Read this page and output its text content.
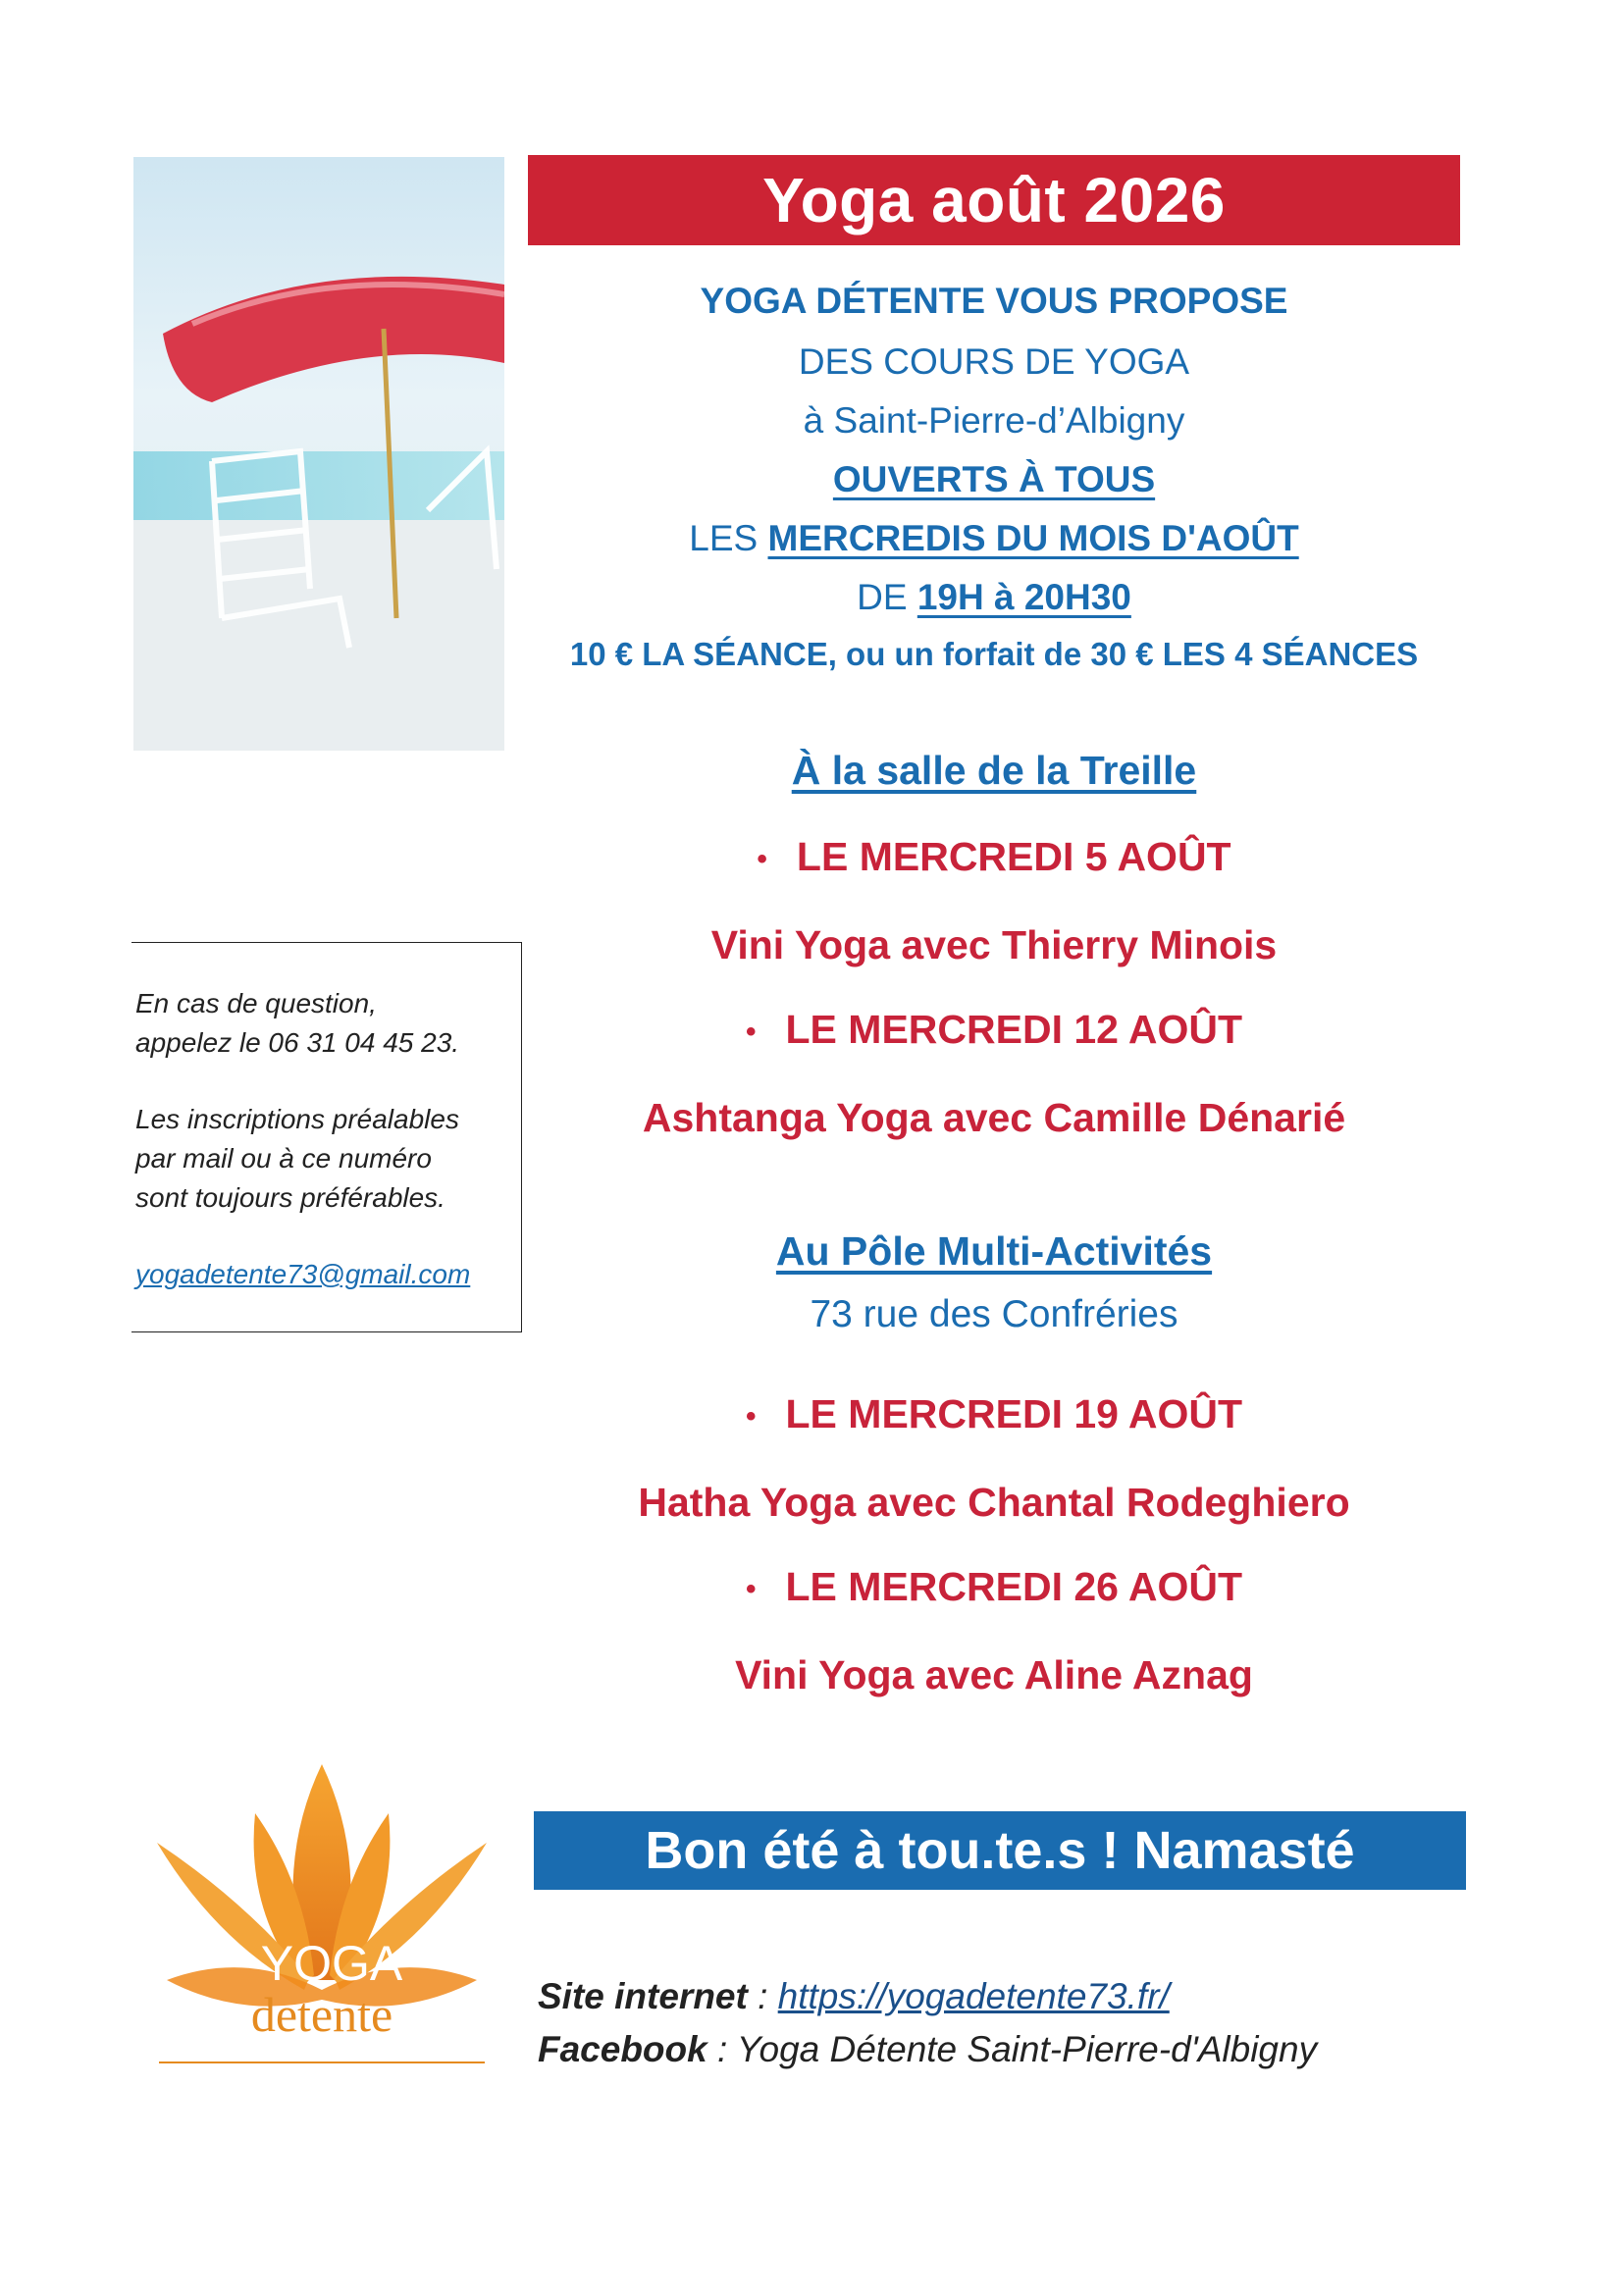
Yoga août 2026
YOGA DÉTENTE VOUS PROPOSE
DES COURS DE YOGA
à Saint-Pierre-d’Albigny
OUVERTS À TOUS
LES MERCREDIS DU MOIS D'AOÛT
DE 19H à 20H30
10 € LA SÉANCE, ou un forfait de 30 € LES 4 SÉANCES
À la salle de la Treille
• LE MERCREDI 5 AOÛT
Vini Yoga avec Thierry Minois
• LE MERCREDI 12 AOÛT
Ashtanga Yoga avec Camille Dénarié
Au Pôle Multi-Activités
73 rue des Confréries
• LE MERCREDI 19 AOÛT
Hatha Yoga avec Chantal Rodeghiero
• LE MERCREDI 26 AOÛT
Vini Yoga avec Aline Aznag

En cas de question,
appelez le 06 31 04 45 23.

Les inscriptions préalables
par mail ou à ce numéro
sont toujours préférables.

yogadetente73@gmail.com

YOGA
detente
Bon été à tou.te.s ! Namasté
Site internet : https://yogadetente73.fr/
Facebook : Yoga Détente Saint-Pierre-d'Albigny
